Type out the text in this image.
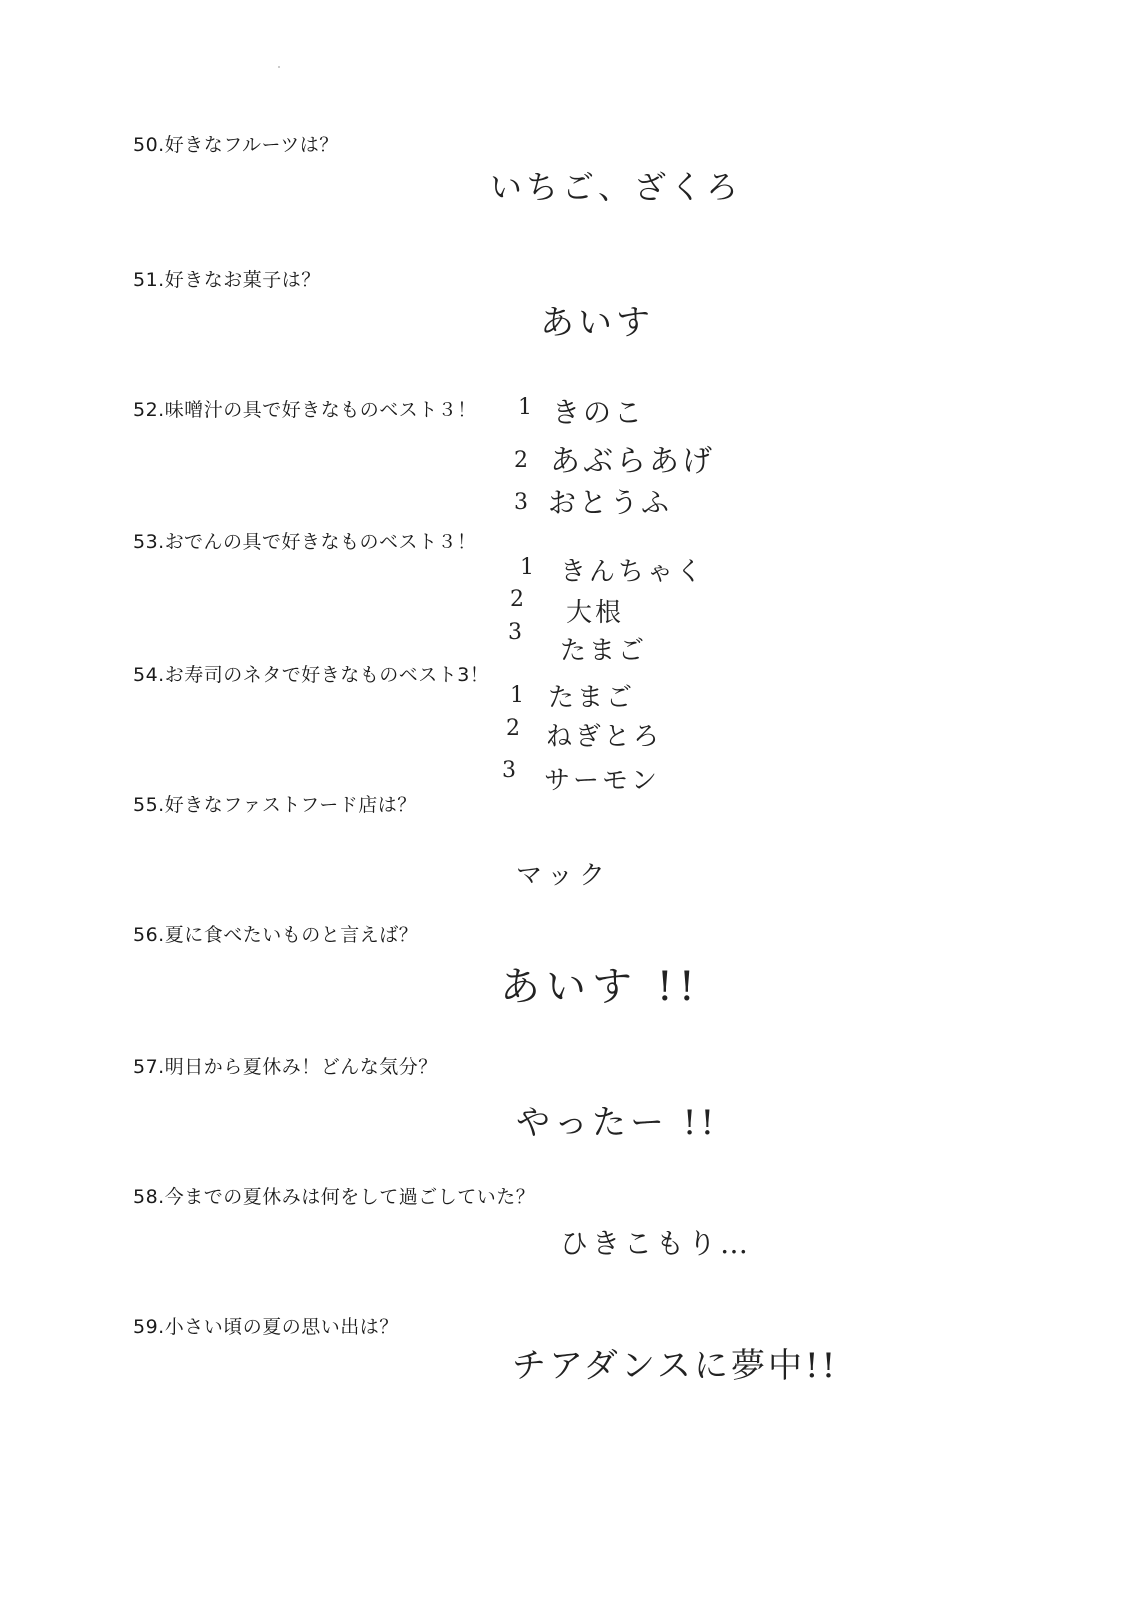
50.好きなフルーツは？
いちご、ざくろ
51.好きなお菓子は？
あいす
52.味噌汁の具で好きなものベスト３！ 1 きのこ
2 あぶらあげ
3 おとうふ
53.おでんの具で好きなものベスト３！
1 きんちゃく
2 大根
3
たまご
54.お寿司のネタで好きなものベスト3！
1 たまご
2 ねぎとろ
3 サーモン
55.好きなファストフード店は？
マック
56.夏に食べたいものと言えば？
あいす !!
57.明日から夏休み！どんな気分？
やったー !!
58.今までの夏休みは何をして過ごしていた？
ひきこもり…
59.小さい頃の夏の思い出は？
チアダンスに夢中!!
